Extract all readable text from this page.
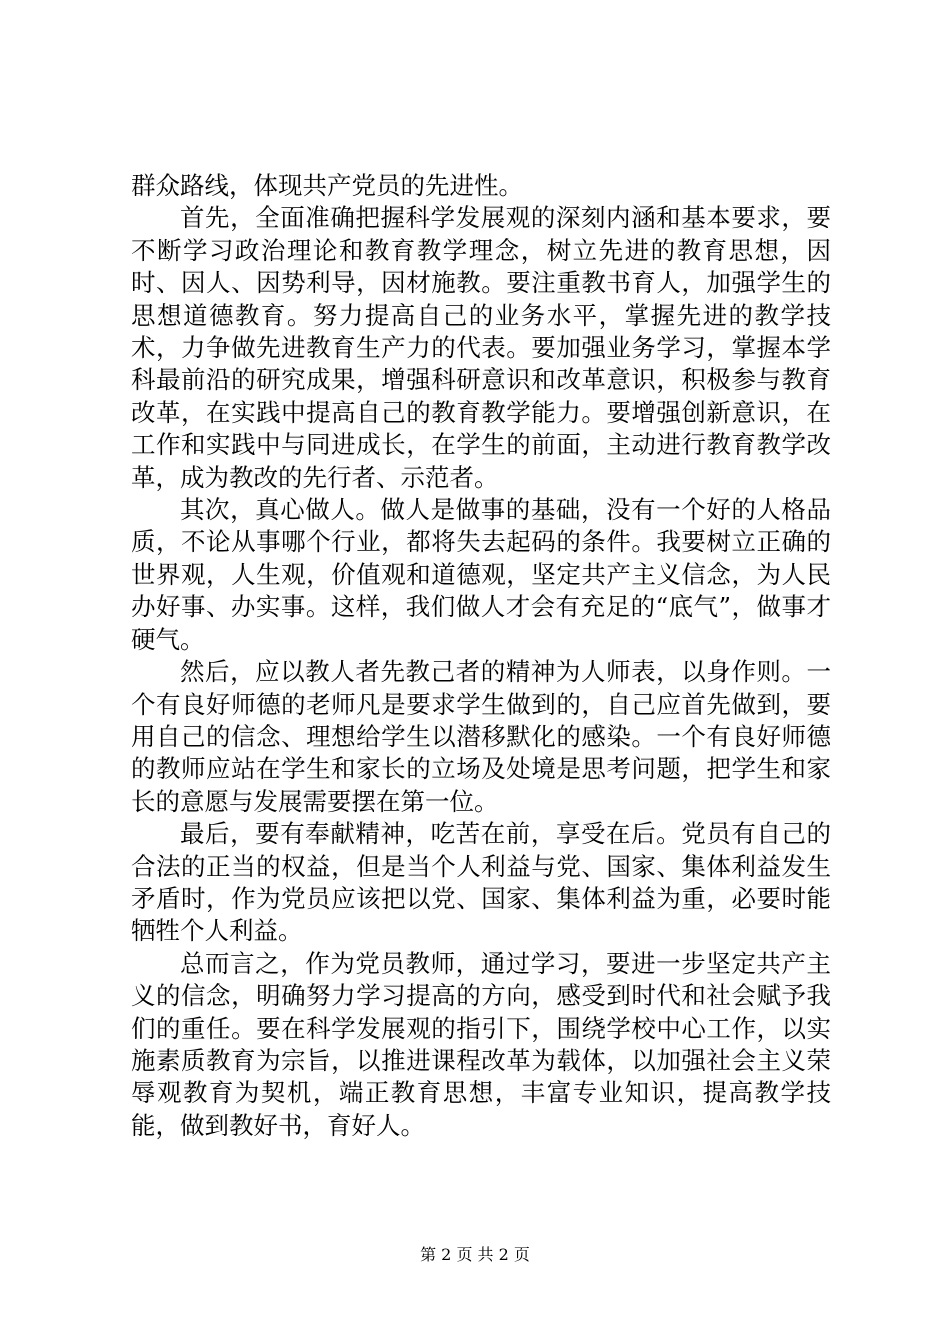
群众路线，体现共产党员的先进性。

首先，全面准确把握科学发展观的深刻内涵和基本要求，要不断学习政治理论和教育教学理念，树立先进的教育思想，因时、因人、因势利导，因材施教。要注重教书育人，加强学生的思想道德教育。努力提高自己的业务水平，掌握先进的教学技术，力争做先进教育生产力的代表。要加强业务学习，掌握本学科最前沿的研究成果，增强科研意识和改革意识，积极参与教育改革，在实践中提高自己的教育教学能力。要增强创新意识，在工作和实践中与同进成长，在学生的前面，主动进行教育教学改革，成为教改的先行者、示范者。

其次，真心做人。做人是做事的基础，没有一个好的人格品质，不论从事哪个行业，都将失去起码的条件。我要树立正确的世界观，人生观，价值观和道德观，坚定共产主义信念，为人民办好事、办实事。这样，我们做人才会有充足的“底气”，做事才硬气。

然后，应以教人者先教己者的精神为人师表，以身作则。一个有良好师德的老师凡是要求学生做到的，自己应首先做到，要用自己的信念、理想给学生以潜移默化的感染。一个有良好师德的教师应站在学生和家长的立场及处境是思考问题，把学生和家长的意愿与发展需要摆在第一位。

最后，要有奉献精神，吃苦在前，享受在后。党员有自己的合法的正当的权益，但是当个人利益与党、国家、集体利益发生矛盾时，作为党员应该把以党、国家、集体利益为重，必要时能牺牲个人利益。

总而言之，作为党员教师，通过学习，要进一步坚定共产主义的信念，明确努力学习提高的方向，感受到时代和社会赋予我们的重任。要在科学发展观的指引下，围绕学校中心工作，以实施素质教育为宗旨，以推进课程改革为载体，以加强社会主义荣辱观教育为契机，端正教育思想，丰富专业知识，提高教学技能，做到教好书，育好人。

第 2 页 共 2 页
